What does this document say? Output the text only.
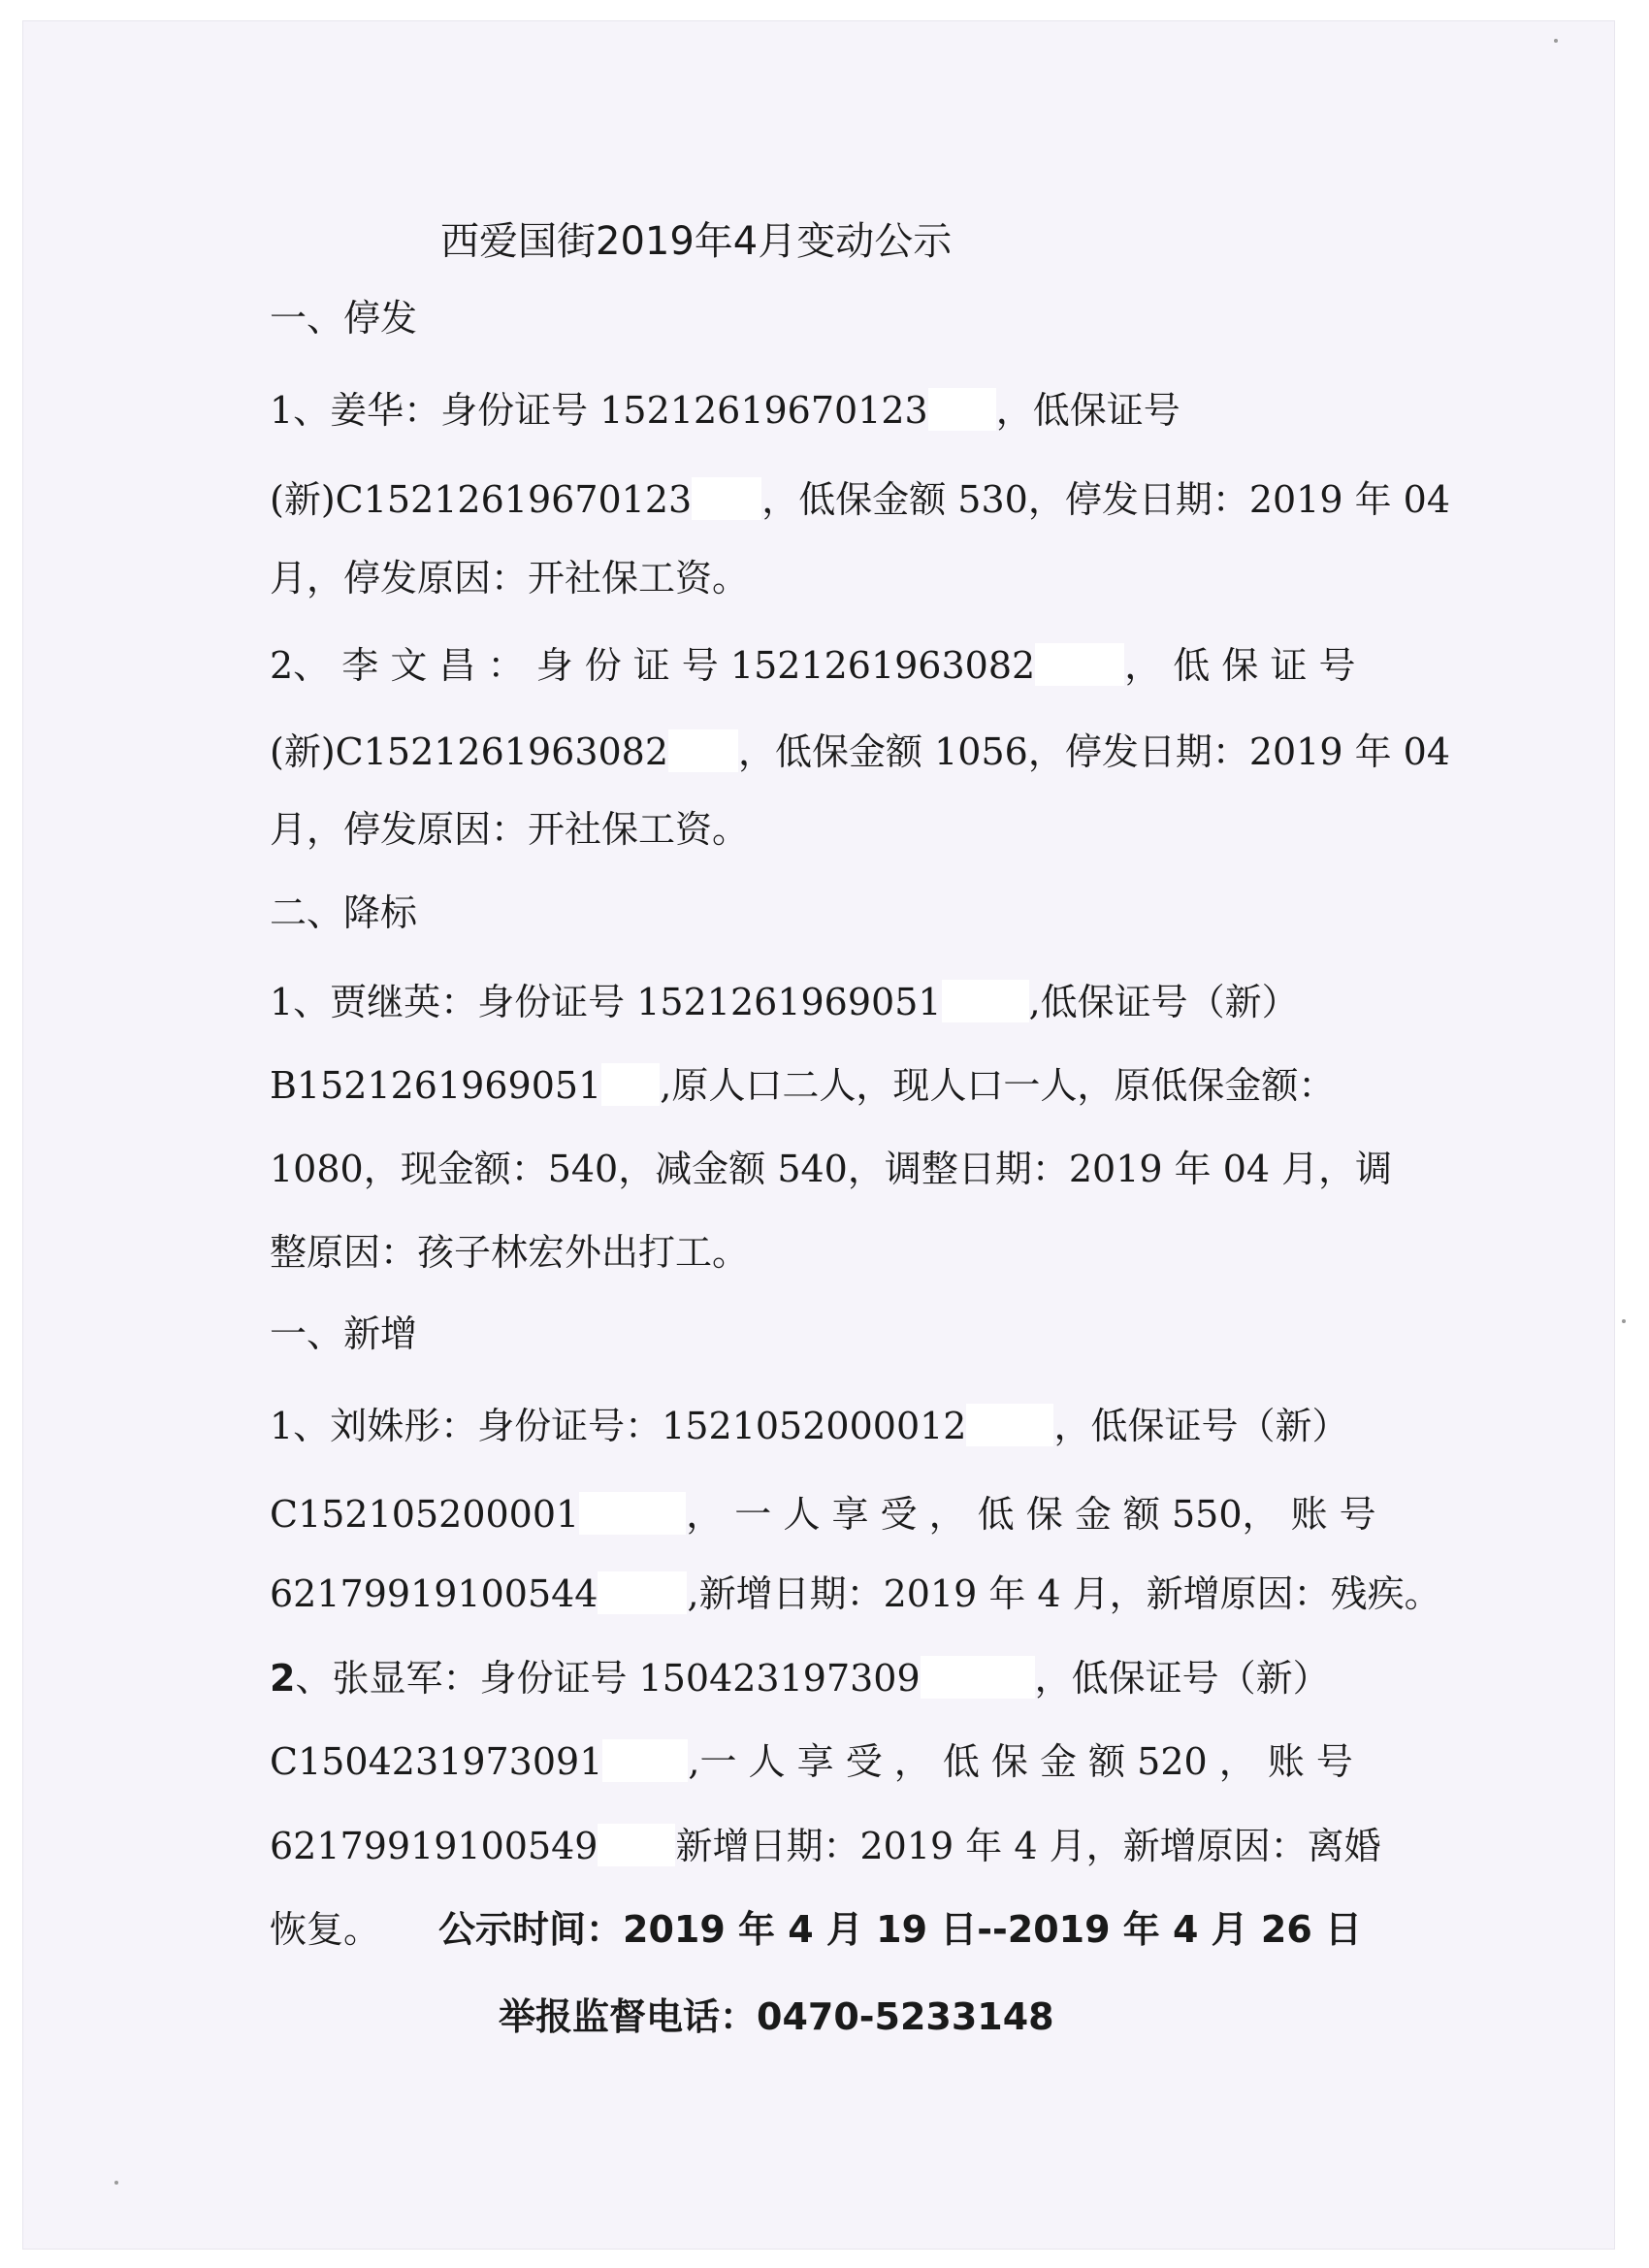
西爱国街2019年4月变动公示
一、停发
1、姜华：身份证号 15212619670123 ，低保证号
(新)C15212619670123 ，低保金额 530，停发日期：2019 年 04
月，停发原因：开社保工资。
2、 李 文 昌 ： 身 份 证 号 1521261963082 ， 低 保 证 号
(新)C1521261963082 ，低保金额 1056，停发日期：2019 年 04
月，停发原因：开社保工资。
二、降标
1、贾继英：身份证号 1521261969051 ,低保证号（新）
B1521261969051 ,原人口二人，现人口一人，原低保金额：
1080，现金额：540，减金额 540，调整日期：2019 年 04 月，调
整原因：孩子林宏外出打工。
一、新增
1、刘姝彤：身份证号：1521052000012 ，低保证号（新）
C152105200001	， 一 人 享 受 ， 低 保 金 额 550， 账 号
62179919100544 ,新增日期：2019 年 4 月，新增原因：残疾。
2、张显军：身份证号 150423197309	，低保证号（新）
C1504231973091 ,一 人 享 受 ， 低 保 金 额 520 ， 账 号
62179919100549 新增日期：2019 年 4 月，新增原因：离婚
恢复。 公示时间：2019 年 4 月 19 日--2019 年 4 月 26 日
举报监督电话：0470-5233148
